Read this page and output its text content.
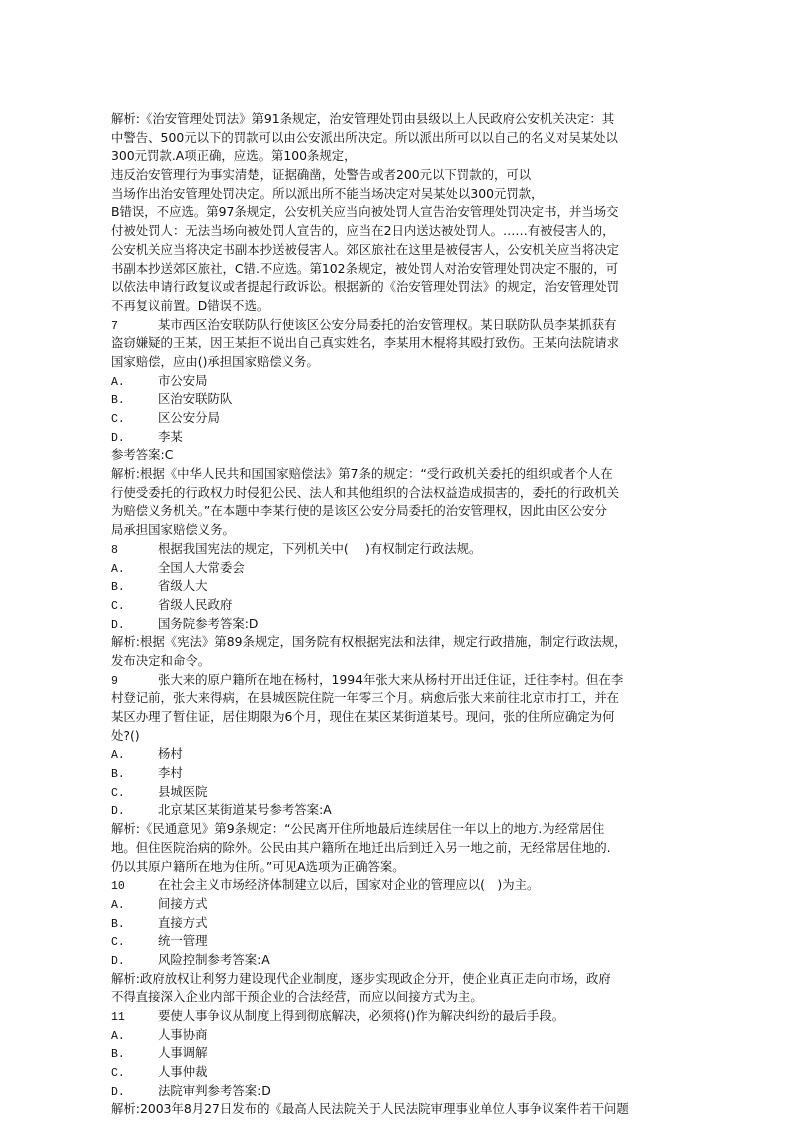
解析:《治安管理处罚法》第91条规定，治安管理处罚由县级以上人民政府公安机关决定：其
中警告、500元以下的罚款可以由公安派出所决定。所以派出所可以以自己的名义对吴某处以
300元罚款.A项正确，应选。第100条规定，
违反治安管理行为事实清楚，证据确凿，处警告或者200元以下罚款的，可以
当场作出治安管理处罚决定。所以派出所不能当场决定对吴某处以300元罚款，
B错误，不应选。第97条规定，公安机关应当向被处罚人宣告治安管理处罚决定书，并当场交
付被处罚人：无法当场向被处罚人宣告的，应当在2日内送达被处罚人。……有被侵害人的，
公安机关应当将决定书副本抄送被侵害人。郊区旅社在这里是被侵害人，公安机关应当将决定
书副本抄送郊区旅社，C错.不应选。第102条规定，被处罚人对治安管理处罚决定不服的，可
以依法申请行政复议或者提起行政诉讼。根据新的《治安管理处罚法》的规定，治安管理处罚
不再复议前置。D错误不选。
7	某市西区治安联防队行使该区公安分局委托的治安管理权。某日联防队员李某抓获有
盗窃嫌疑的王某，因王某拒不说出自己真实姓名，李某用木棍将其殴打致伤。王某向法院请求
国家赔偿，应由()承担国家赔偿义务。
A.	市公安局
B.	区治安联防队
C.	区公安分局
D.	李某
参考答案:C
解析:根据《中华人民共和国国家赔偿法》第7条的规定：“受行政机关委托的组织或者个人在
行使受委托的行政权力时侵犯公民、法人和其他组织的合法权益造成损害的，委托的行政机关
为赔偿义务机关。”在本题中李某行使的是该区公安分局委托的治安管理权，因此由区公安分
局承担国家赔偿义务。
8	根据我国宪法的规定，下列机关中(　 )有权制定行政法规。
A.	全国人大常委会
B.	省级人大
C.	省级人民政府
D.	国务院参考答案:D
解析:根据《宪法》第89条规定，国务院有权根据宪法和法律，规定行政措施，制定行政法规，
发布决定和命令。
9	张大来的原户籍所在地在杨村，1994年张大来从杨村开出迁住证，迁往李村。但在李
村登记前，张大来得病，在县城医院住院一年零三个月。病愈后张大来前往北京市打工，并在
某区办理了暂住证，居住期限为6个月，现住在某区某街道某号。现问，张的住所应确定为何
处?()
A.	杨村
B.	李村
C.	县城医院
D.	北京某区某街道某号参考答案:A
解析:《民通意见》第9条规定：“公民离开住所地最后连续居住一年以上的地方.为经常居住
地。但住医院治病的除外。公民由其户籍所在地迁出后到迁入另一地之前，无经常居住地的.
仍以其原户籍所在地为住所。”可见A选项为正确答案。
10	在社会主义市场经济体制建立以后，国家对企业的管理应以(　)为主。
A.	间接方式
B.	直接方式
C.	统一管理
D.	风险控制参考答案:A
解析:政府放权让利努力建设现代企业制度，逐步实现政企分开，使企业真正走向市场，政府
不得直接深入企业内部干预企业的合法经营，而应以间接方式为主。
11	要使人事争议从制度上得到彻底解决，必须将()作为解决纠纷的最后手段。
A.	人事协商
B.	人事调解
C.	人事仲裁
D.	法院审判参考答案:D
解析:2003年8月27日发布的《最高人民法院关于人民法院审理事业单位人事争议案件若干问题
